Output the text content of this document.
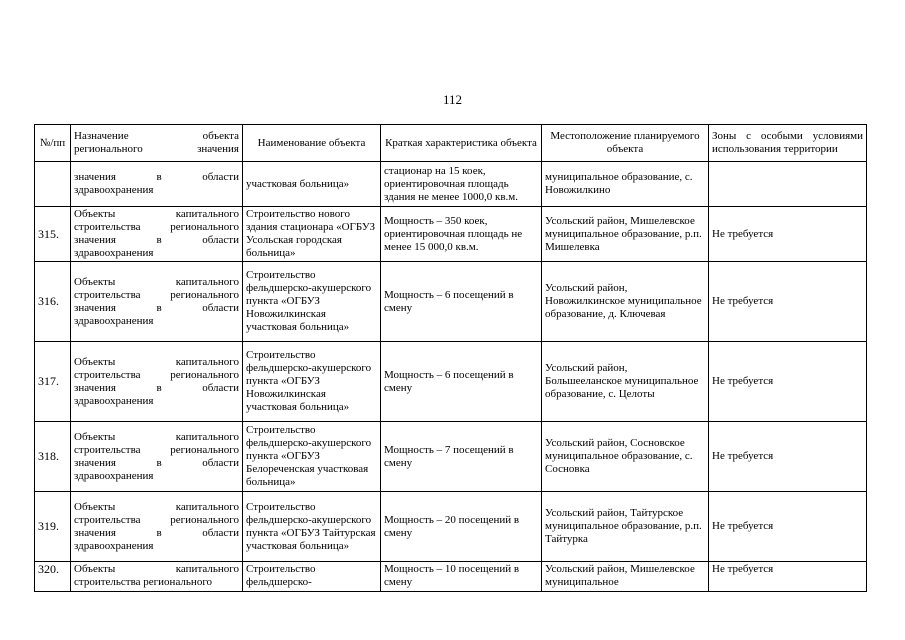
112
№/пп	Назначение объекта регионального значения	Наименование объекта	Краткая характеристика объекта	Местоположение планируемого объекта	Зоны с особыми условиями использования территории
	значения в области здравоохранения	участковая больница»	стационар на 15 коек, ориентировочная площадь здания не менее 1000,0 кв.м.	муниципальное образование, с. Новожилкино	
315.	Объекты капитального строительства регионального значения в области здравоохранения	Строительство нового здания стационара «ОГБУЗ Усольская городская больница»	Мощность – 350 коек, ориентировочная площадь не менее 15 000,0 кв.м.	Усольский район, Мишелевское муниципальное образование, р.п. Мишелевка	Не требуется
316.	Объекты капитального строительства регионального значения в области здравоохранения	Строительство фельдшерско-акушерского пункта «ОГБУЗ Новожилкинская участковая больница»	Мощность – 6 посещений в смену	Усольский район, Новожилкинское муниципальное образование, д. Ключевая	Не требуется
317.	Объекты капитального строительства регионального значения в области здравоохранения	Строительство фельдшерско-акушерского пункта «ОГБУЗ Новожилкинская участковая больница»	Мощность – 6 посещений в смену	Усольский район, Большееланское муниципальное образование, с. Целоты	Не требуется
318.	Объекты капитального строительства регионального значения в области здравоохранения	Строительство фельдшерско-акушерского пункта «ОГБУЗ Белореченская участковая больница»	Мощность – 7 посещений в смену	Усольский район, Сосновское муниципальное образование, с. Сосновка	Не требуется
319.	Объекты капитального строительства регионального значения в области здравоохранения	Строительство фельдшерско-акушерского пункта «ОГБУЗ Тайтурская участковая больница»	Мощность – 20 посещений в смену	Усольский район, Тайтурское муниципальное образование, р.п. Тайтурка	Не требуется
320.	Объекты капитального строительства регионального	Строительство фельдшерско-	Мощность – 10 посещений в смену	Усольский район, Мишелевское муниципальное	Не требуется
